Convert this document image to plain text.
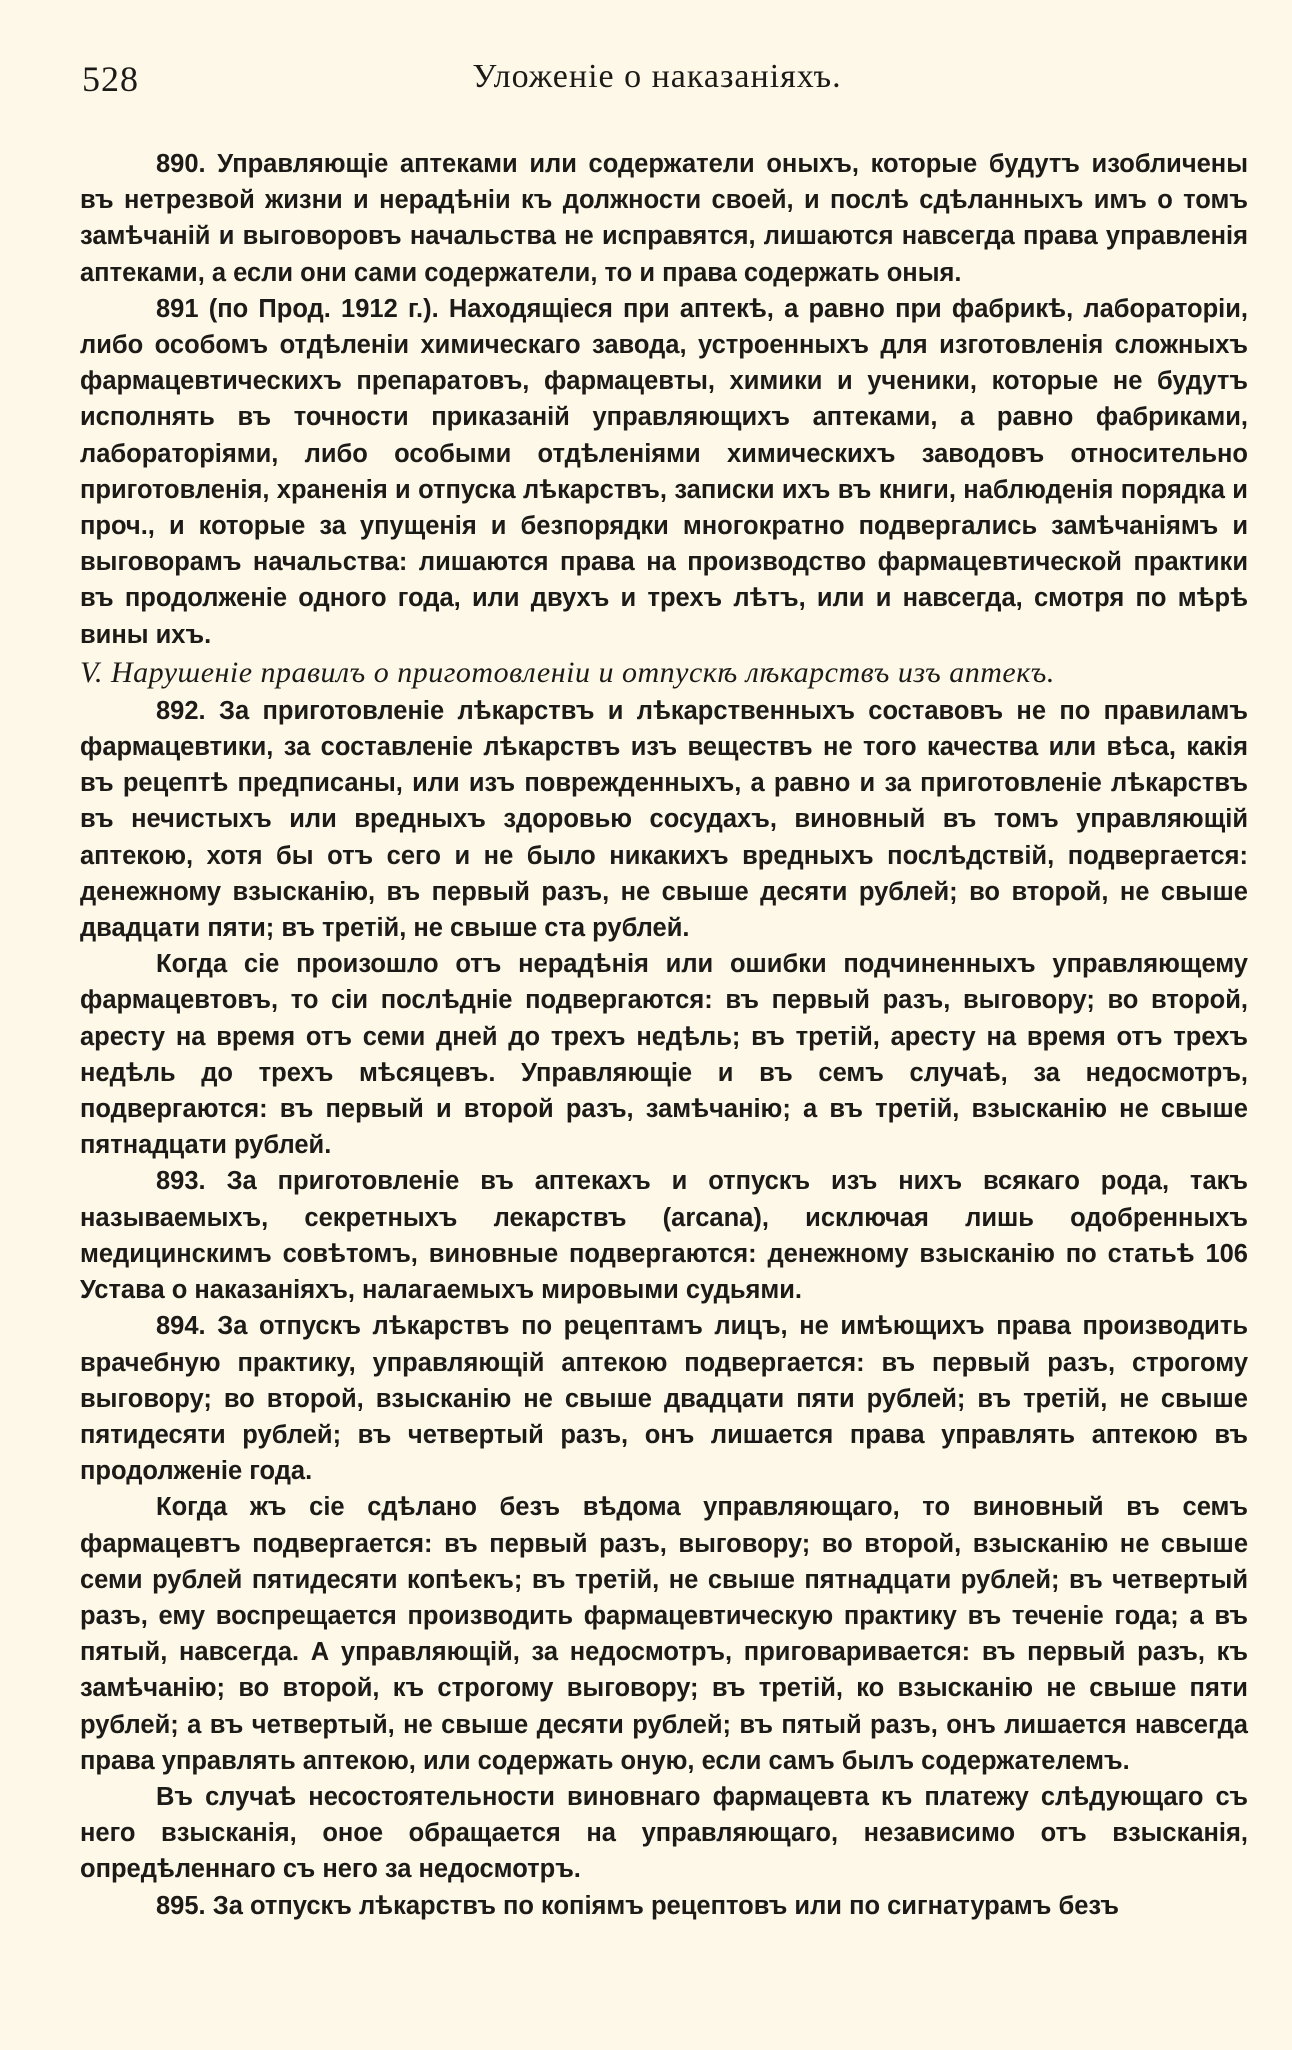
528	Уложеніе о наказаніяхъ.

890. Управляющіе аптеками или содержатели оныхъ, которые будутъ изобличены въ нетрезвой жизни и нерадѣніи къ должности своей, и послѣ сдѣланныхъ имъ о томъ замѣчаній и выговоровъ начальства не исправятся, лишаются навсегда права управленія аптеками, а если они сами содержатели, то и права содержать оныя.

891 (по Прод. 1912 г.). Находящіеся при аптекѣ, а равно при фабрикѣ, лабораторіи, либо особомъ отдѣленіи химическаго завода, устроенныхъ для изготовленія сложныхъ фармацевтическихъ препаратовъ, фармацевты, химики и ученики, которые не будутъ исполнять въ точности приказаній управляющихъ аптеками, а равно фабриками, лабораторіями, либо особыми отдѣленіями химическихъ заводовъ относительно приготовленія, храненія и отпуска лѣкарствъ, записки ихъ въ книги, наблюденія порядка и проч., и которые за упущенія и безпорядки многократно подвергались замѣчаніямъ и выговорамъ начальства: лишаются права на производство фармацевтической практики въ продолженіе одного года, или двухъ и трехъ лѣтъ, или и навсегда, смотря по мѣрѣ вины ихъ.

V. Нарушеніе правилъ о приготовленіи и отпускѣ лѣкарствъ изъ аптекъ.

892. За приготовленіе лѣкарствъ и лѣкарственныхъ составовъ не по правиламъ фармацевтики, за составленіе лѣкарствъ изъ веществъ не того качества или вѣса, какія въ рецептѣ предписаны, или изъ поврежденныхъ, а равно и за приготовленіе лѣкарствъ въ нечистыхъ или вредныхъ здоровью сосудахъ, виновный въ томъ управляющій аптекою, хотя бы отъ сего и не было никакихъ вредныхъ послѣдствій, подвергается: денежному взысканію, въ первый разъ, не свыше десяти рублей; во второй, не свыше двадцати пяти; въ третій, не свыше ста рублей.

Когда сіе произошло отъ нерадѣнія или ошибки подчиненныхъ управляющему фармацевтовъ, то сіи послѣдніе подвергаются: въ первый разъ, выговору; во второй, аресту на время отъ семи дней до трехъ недѣль; въ третій, аресту на время отъ трехъ недѣль до трехъ мѣсяцевъ. Управляющіе и въ семъ случаѣ, за недосмотръ, подвергаются: въ первый и второй разъ, замѣчанію; а въ третій, взысканію не свыше пятнадцати рублей.

893. За приготовленіе въ аптекахъ и отпускъ изъ нихъ всякаго рода, такъ называемыхъ, секретныхъ лекарствъ (arcana), исключая лишь одобренныхъ медицинскимъ совѣтомъ, виновные подвергаются: денежному взысканію по статьѣ 106 Устава о наказаніяхъ, налагаемыхъ мировыми судьями.

894. За отпускъ лѣкарствъ по рецептамъ лицъ, не имѣющихъ права производить врачебную практику, управляющій аптекою подвергается: въ первый разъ, строгому выговору; во второй, взысканію не свыше двадцати пяти рублей; въ третій, не свыше пятидесяти рублей; въ четвертый разъ, онъ лишается права управлять аптекою въ продолженіе года.

Когда жъ сіе сдѣлано безъ вѣдома управляющаго, то виновный въ семъ фармацевтъ подвергается: въ первый разъ, выговору; во второй, взысканію не свыше семи рублей пятидесяти копѣекъ; въ третій, не свыше пятнадцати рублей; въ четвертый разъ, ему воспрещается производить фармацевтическую практику въ теченіе года; а въ пятый, навсегда. А управляющій, за недосмотръ, приговаривается: въ первый разъ, къ замѣчанію; во второй, къ строгому выговору; въ третій, ко взысканію не свыше пяти рублей; а въ четвертый, не свыше десяти рублей; въ пятый разъ, онъ лишается навсегда права управлять аптекою, или содержать оную, если самъ былъ содержателемъ.

Въ случаѣ несостоятельности виновнаго фармацевта къ платежу слѣдующаго съ него взысканія, оное обращается на управляющаго, независимо отъ взысканія, опредѣленнаго съ него за недосмотръ.

895. За отпускъ лѣкарствъ по копіямъ рецептовъ или по сигнатурамъ безъ
